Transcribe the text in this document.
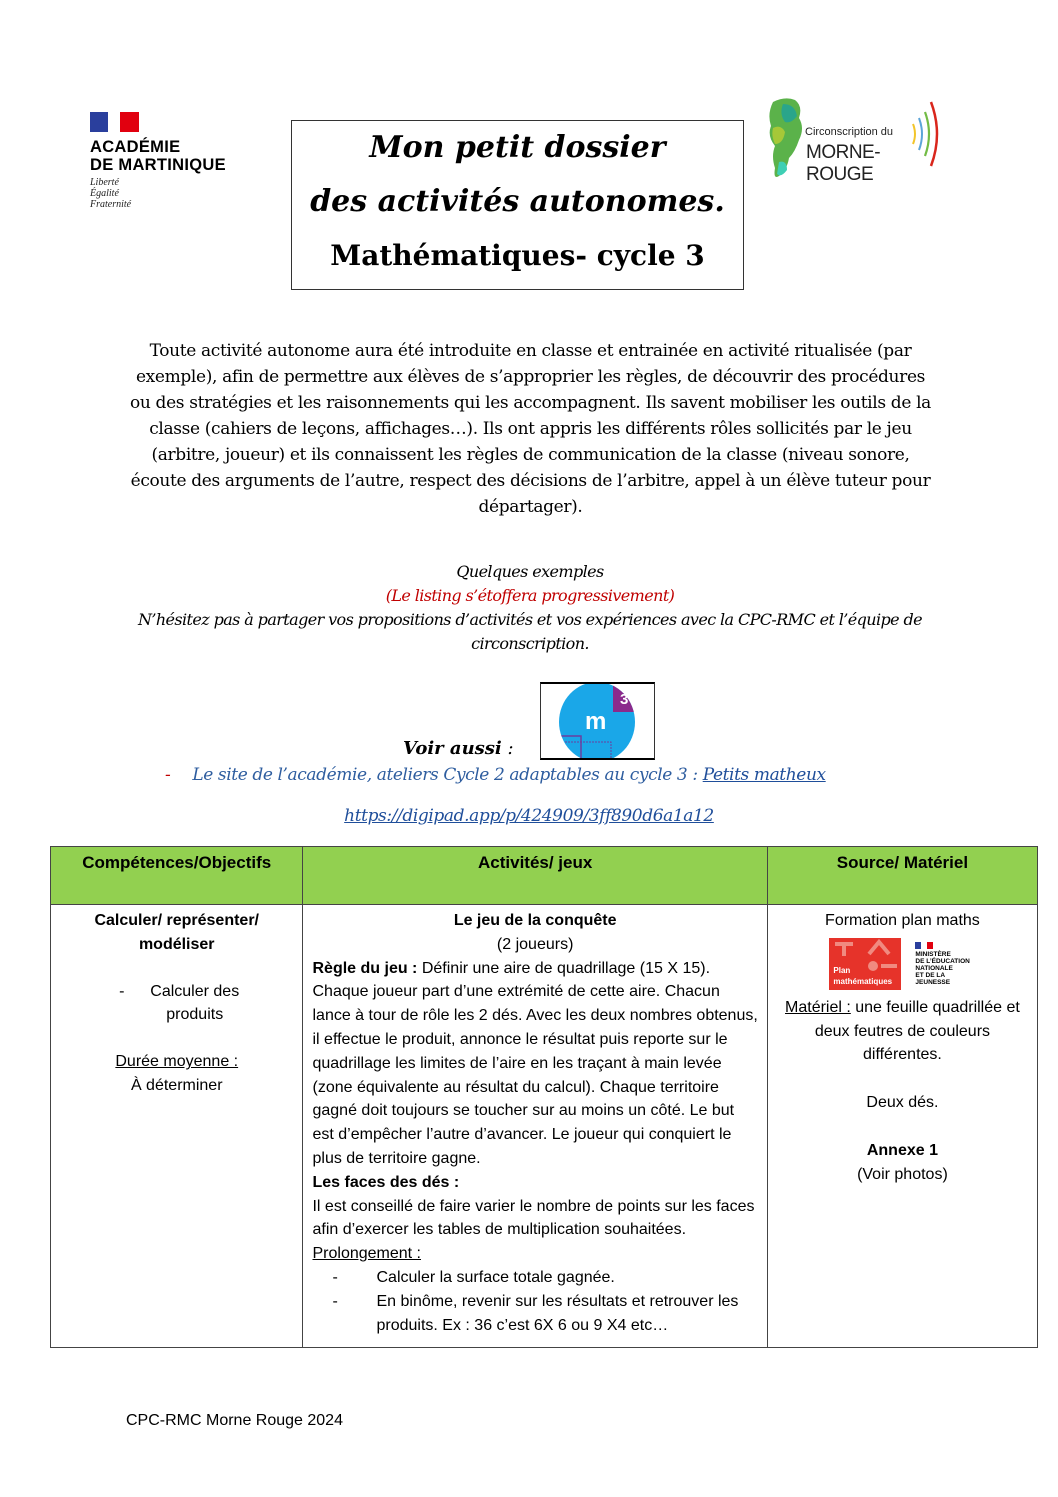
ACADÉMIE
DE MARTINIQUE
Liberté
Égalité
Fraternité
Mon petit dossier
des activités autonomes.
Mathématiques- cycle 3
Circonscription du
MORNE-ROUGE
Toute activité autonome aura été introduite en classe et entrainée en activité ritualisée (par exemple), afin de permettre aux élèves de s’approprier les règles, de découvrir des procédures ou des stratégies et les raisonnements qui les accompagnent. Ils savent mobiliser les outils de la classe (cahiers de leçons, affichages…). Ils ont appris les différents rôles sollicités par le jeu (arbitre, joueur) et ils connaissent les règles de communication de la classe (niveau sonore, écoute des arguments de l’autre, respect des décisions de l’arbitre, appel à un élève tuteur pour départager).
Quelques exemples
(Le listing s’étoffera progressivement)
N’hésitez pas à partager vos propositions d’activités et vos expériences avec la CPC-RMC et l’équipe de circonscription.
Voir aussi :
3
m
- Le site de l’académie, ateliers Cycle 2 adaptables au cycle 3 : Petits matheux
https://digipad.app/p/424909/3ff890d6a1a12
Compétences/Objectifs	Activités/ jeux	Source/ Matériel

Calculer/ représenter/ modéliser
-	Calculer des produits
Durée moyenne :
À déterminer

Le jeu de la conquête
(2 joueurs)
Règle du jeu : Définir une aire de quadrillage (15 X 15). Chaque joueur part d’une extrémité de cette aire. Chacun lance à tour de rôle les 2 dés. Avec les deux nombres obtenus, il effectue le produit, annonce le résultat puis reporte sur le quadrillage les limites de l’aire en les traçant à main levée (zone équivalente au résultat du calcul). Chaque territoire gagné doit toujours se toucher sur au moins un côté. Le but est d’empêcher l’autre d’avancer. Le joueur qui conquiert le plus de territoire gagne.
Les faces des dés :
Il est conseillé de faire varier le nombre de points sur les faces afin d’exercer les tables de multiplication souhaitées.
Prolongement :
-	Calculer la surface totale gagnée.
-	En binôme, revenir sur les résultats et retrouver les produits. Ex : 36 c’est 6X 6 ou 9 X4 etc…

Formation plan maths
Plan
mathématiques
MINISTÈRE
DE L’ÉDUCATION
NATIONALE
ET DE LA JEUNESSE
Matériel : une feuille quadrillée et deux feutres de couleurs différentes.
Deux dés.
Annexe 1
(Voir photos)
CPC-RMC Morne Rouge 2024
